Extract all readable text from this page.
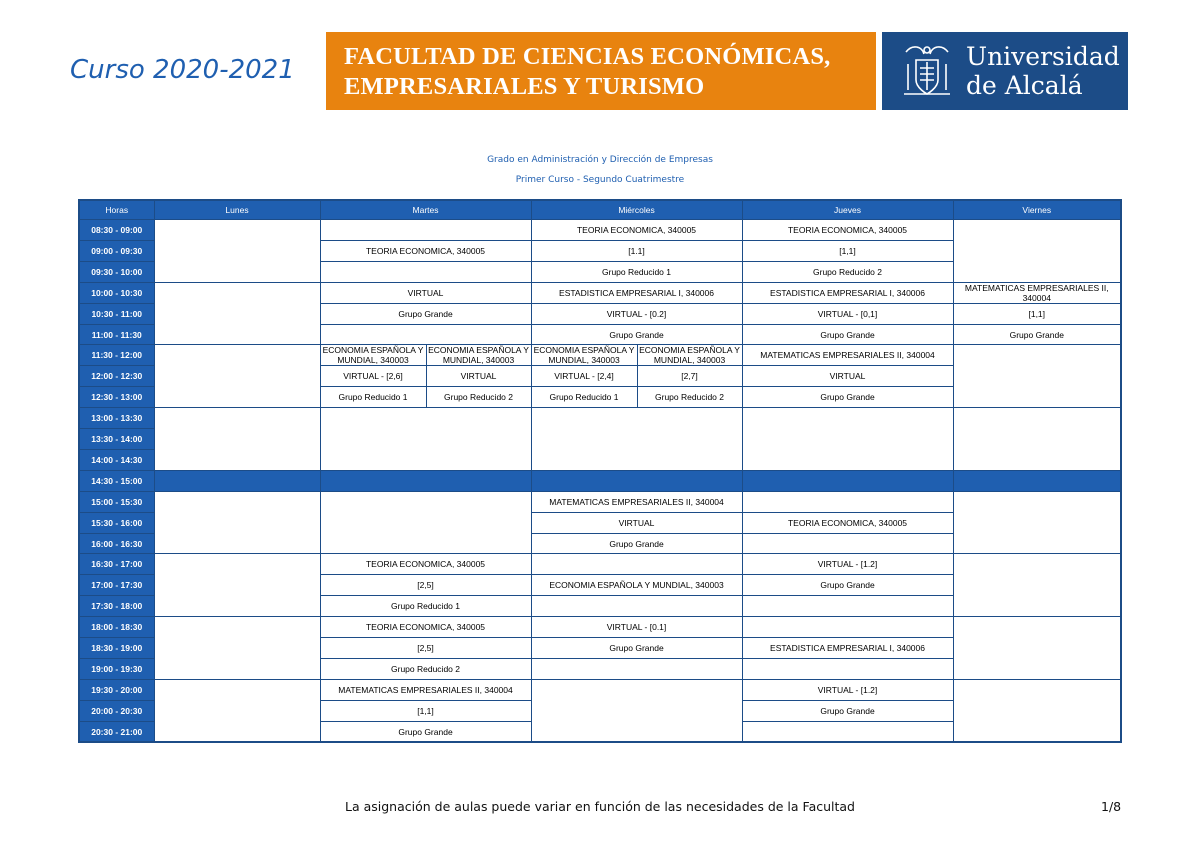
Curso 2020-2021 FACULTAD DE CIENCIAS ECONÓMICAS,
EMPRESARIALES Y TURISMO
Universidad
de Alcalá
Grado en Administración y Dirección de Empresas
Primer Curso - Segundo Cuatrimestre
Horas	Lunes	Martes		Miércoles		Jueves	Viernes
08:30 - 09:00				TEORIA ECONOMICA, 340005		TEORIA ECONOMICA, 340005	
09:00 - 09:30		TEORIA ECONOMICA, 340005		[1.1]		[1,1]	
09:30 - 10:00				Grupo Reducido 1		Grupo Reducido 2	
10:00 - 10:30		VIRTUAL		ESTADISTICA EMPRESARIAL I, 340006		ESTADISTICA EMPRESARIAL I, 340006	MATEMATICAS EMPRESARIALES II, 340004
10:30 - 11:00		Grupo Grande		VIRTUAL - [0.2]		VIRTUAL - [0,1]	[1,1]
11:00 - 11:30				Grupo Grande		Grupo Grande	Grupo Grande
11:30 - 12:00		ECONOMIA ESPAÑOLA Y MUNDIAL, 340003	ECONOMIA ESPAÑOLA Y MUNDIAL, 340003	ECONOMIA ESPAÑOLA Y MUNDIAL, 340003	ECONOMIA ESPAÑOLA Y MUNDIAL, 340003	MATEMATICAS EMPRESARIALES II, 340004	
12:00 - 12:30		VIRTUAL - [2,6]	VIRTUAL	VIRTUAL - [2,4]	[2,7]	VIRTUAL	
12:30 - 13:00		Grupo Reducido 1	Grupo Reducido 2	Grupo Reducido 1	Grupo Reducido 2	Grupo Grande	
13:00 - 13:30							
13:30 - 14:00							
14:00 - 14:30							
14:30 - 15:00							
15:00 - 15:30				MATEMATICAS EMPRESARIALES II, 340004			
15:30 - 16:00				VIRTUAL		TEORIA ECONOMICA, 340005	
16:00 - 16:30				Grupo Grande			
16:30 - 17:00		TEORIA ECONOMICA, 340005				VIRTUAL - [1.2]	
17:00 - 17:30		[2,5]		ECONOMIA ESPAÑOLA Y MUNDIAL, 340003		Grupo Grande	
17:30 - 18:00		Grupo Reducido 1					
18:00 - 18:30		TEORIA ECONOMICA, 340005		VIRTUAL - [0.1]			
18:30 - 19:00		[2,5]		Grupo Grande		ESTADISTICA EMPRESARIAL I, 340006	
19:00 - 19:30		Grupo Reducido 2					
19:30 - 20:00		MATEMATICAS EMPRESARIALES II, 340004				VIRTUAL - [1.2]	
20:00 - 20:30		[1,1]				Grupo Grande	
20:30 - 21:00		Grupo Grande					
La asignación de aulas puede variar en función de las necesidades de la Facultad	1/8
